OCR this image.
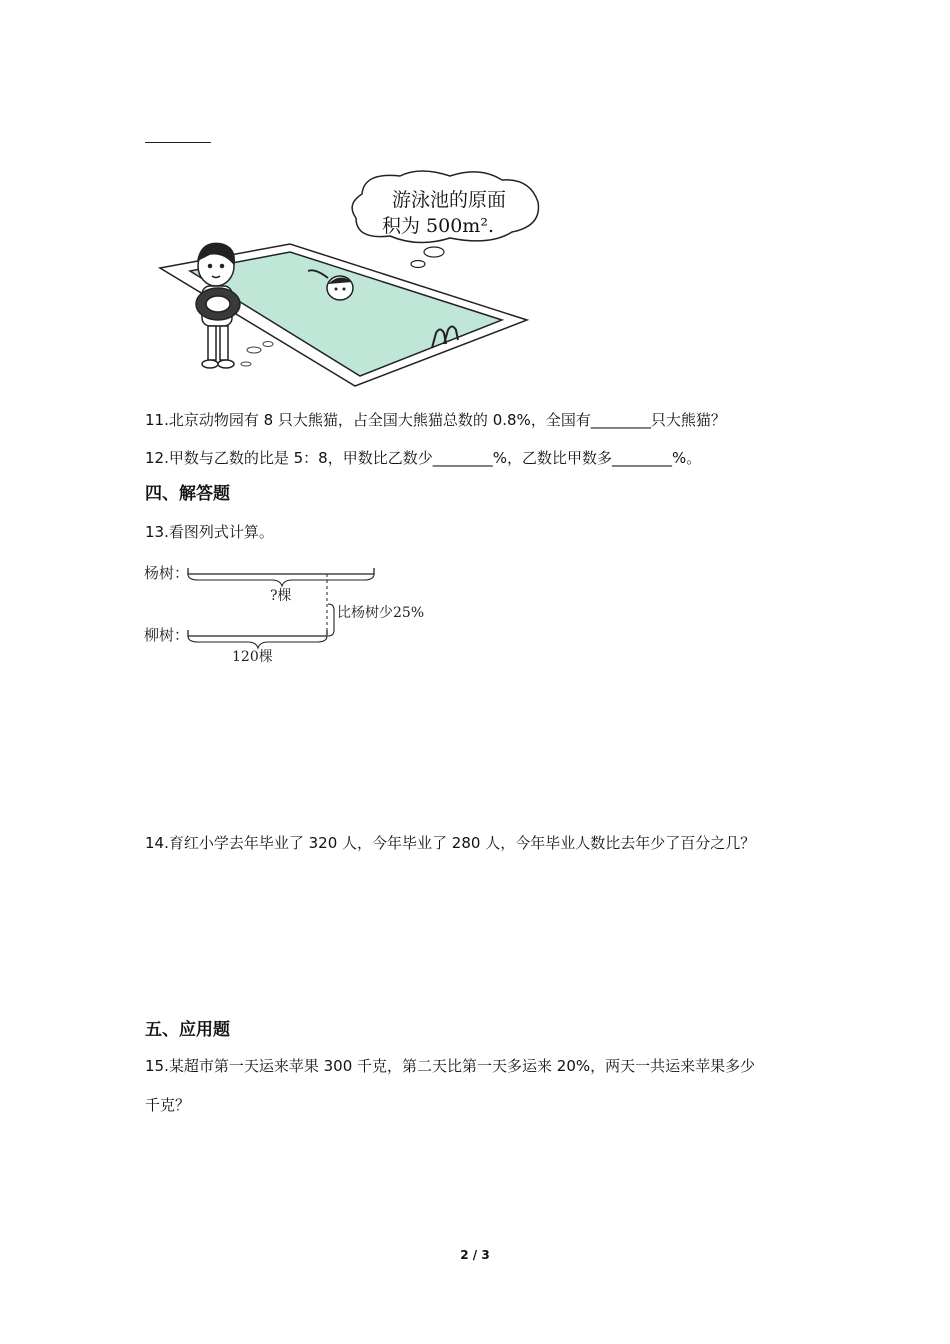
游泳池的原面
积为 500m².
11.北京动物园有 8 只大熊猫，占全国大熊猫总数的 0.8%，全国有________只大熊猫？
12.甲数与乙数的比是 5：8，甲数比乙数少________%，乙数比甲数多________%。
四、解答题
13.看图列式计算。
杨树：
?棵
比杨树少25%
柳树：
120棵
14.育红小学去年毕业了 320 人，今年毕业了 280 人，今年毕业人数比去年少了百分之几？
五、应用题
15.某超市第一天运来苹果 300 千克，第二天比第一天多运来 20%，两天一共运来苹果多少
千克？
2 / 3
